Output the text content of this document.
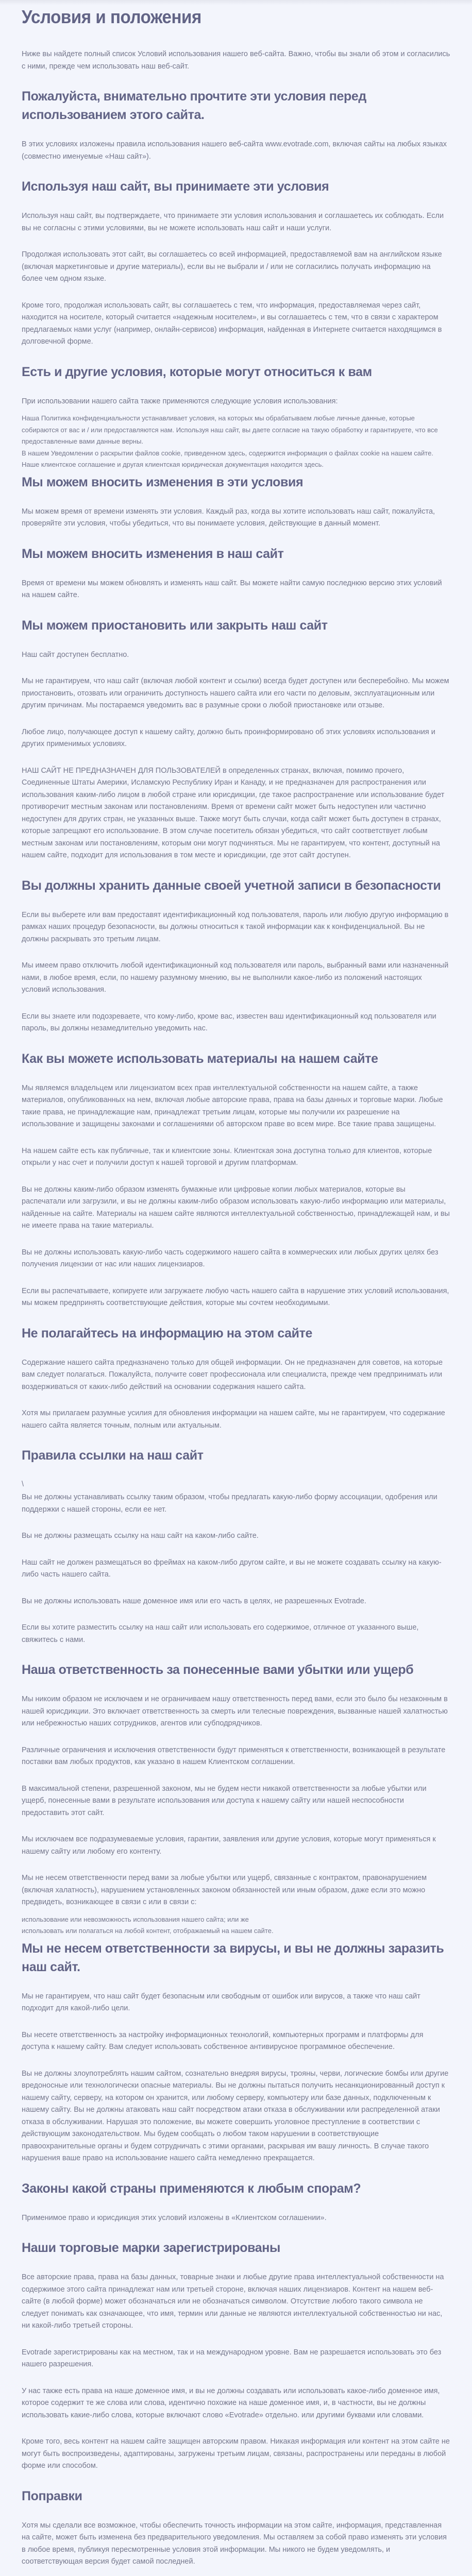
Условия и положения

Ниже вы найдете полный список Условий использования нашего веб-сайта. Важно, чтобы вы знали об этом и согласились с ними, прежде чем использовать наш веб-сайт.

Пожалуйста, внимательно прочтите эти условия перед использованием этого сайта.

В этих условиях изложены правила использования нашего веб-сайта www.evotrade.com, включая сайты на любых языках (совместно именуемые «Наш сайт»).

Используя наш сайт, вы принимаете эти условия

Используя наш сайт, вы подтверждаете, что принимаете эти условия использования и соглашаетесь их соблюдать. Если вы не согласны с этими условиями, вы не можете использовать наш сайт и наши услуги.

Продолжая использовать этот сайт, вы соглашаетесь со всей информацией, предоставляемой вам на английском языке (включая маркетинговые и другие материалы), если вы не выбрали и / или не согласились получать информацию на более чем одном языке.

Кроме того, продолжая использовать сайт, вы соглашаетесь с тем, что информация, предоставляемая через сайт, находится на носителе, который считается «надежным носителем», и вы соглашаетесь с тем, что в связи с характером предлагаемых нами услуг (например, онлайн-сервисов) информация, найденная в Интернете считается находящимся в долговечной форме.

Есть и другие условия, которые могут относиться к вам

При использовании нашего сайта также применяются следующие условия использования:

Наша Политика конфиденциальности устанавливает условия, на которых мы обрабатываем любые личные данные, которые собираются от вас и / или предоставляются нам. Используя наш сайт, вы даете согласие на такую обработку и гарантируете, что все предоставленные вами данные верны.

В нашем Уведомлении о раскрытии файлов cookie, приведенном здесь, содержится информация о файлах cookie на нашем сайте.

Наше клиентское соглашение и другая клиентская юридическая документация находится здесь.

Мы можем вносить изменения в эти условия

Мы можем время от времени изменять эти условия. Каждый раз, когда вы хотите использовать наш сайт, пожалуйста, проверяйте эти условия, чтобы убедиться, что вы понимаете условия, действующие в данный момент.

Мы можем вносить изменения в наш сайт

Время от времени мы можем обновлять и изменять наш сайт. Вы можете найти самую последнюю версию этих условий на нашем сайте.

Мы можем приостановить или закрыть наш сайт

Наш сайт доступен бесплатно.

Мы не гарантируем, что наш сайт (включая любой контент и ссылки) всегда будет доступен или бесперебойно. Мы можем приостановить, отозвать или ограничить доступность нашего сайта или его части по деловым, эксплуатационным или другим причинам. Мы постараемся уведомить вас в разумные сроки о любой приостановке или отзыве.

Любое лицо, получающее доступ к нашему сайту, должно быть проинформировано об этих условиях использования и других применимых условиях.

НАШ САЙТ НЕ ПРЕДНАЗНАЧЕН ДЛЯ ПОЛЬЗОВАТЕЛЕЙ в определенных странах, включая, помимо прочего, Соединенные Штаты Америки, Исламскую Республику Иран и Канаду, и не предназначен для распространения или использования каким-либо лицом в любой стране или юрисдикции, где такое распространение или использование будет противоречит местным законам или постановлениям. Время от времени сайт может быть недоступен или частично недоступен для других стран, не указанных выше. Также могут быть случаи, когда сайт может быть доступен в странах, которые запрещают его использование. В этом случае посетитель обязан убедиться, что сайт соответствует любым местным законам или постановлениям, которым они могут подчиняться. Мы не гарантируем, что контент, доступный на нашем сайте, подходит для использования в том месте и юрисдикции, где этот сайт доступен.

Вы должны хранить данные своей учетной записи в безопасности

Если вы выберете или вам предоставят идентификационный код пользователя, пароль или любую другую информацию в рамках наших процедур безопасности, вы должны относиться к такой информации как к конфиденциальной. Вы не должны раскрывать это третьим лицам.

Мы имеем право отключить любой идентификационный код пользователя или пароль, выбранный вами или назначенный нами, в любое время, если, по нашему разумному мнению, вы не выполнили какое-либо из положений настоящих условий использования.

Если вы знаете или подозреваете, что кому-либо, кроме вас, известен ваш идентификационный код пользователя или пароль, вы должны незамедлительно уведомить нас.

Как вы можете использовать материалы на нашем сайте

Мы являемся владельцем или лицензиатом всех прав интеллектуальной собственности на нашем сайте, а также материалов, опубликованных на нем, включая любые авторские права, права на базы данных и торговые марки. Любые такие права, не принадлежащие нам, принадлежат третьим лицам, которые мы получили их разрешение на использование и защищены законами и соглашениями об авторском праве во всем мире. Все такие права защищены.

На нашем сайте есть как публичные, так и клиентские зоны. Клиентская зона доступна только для клиентов, которые открыли у нас счет и получили доступ к нашей торговой и другим платформам.

Вы не должны каким-либо образом изменять бумажные или цифровые копии любых материалов, которые вы распечатали или загрузили, и вы не должны каким-либо образом использовать какую-либо информацию или материалы, найденные на сайте. Материалы на нашем сайте являются интеллектуальной собственностью, принадлежащей нам, и вы не имеете права на такие материалы.

Вы не должны использовать какую-либо часть содержимого нашего сайта в коммерческих или любых других целях без получения лицензии от нас или наших лицензиаров.

Если вы распечатываете, копируете или загружаете любую часть нашего сайта в нарушение этих условий использования, мы можем предпринять соответствующие действия, которые мы сочтем необходимыми.

Не полагайтесь на информацию на этом сайте

Содержание нашего сайта предназначено только для общей информации. Он не предназначен для советов, на которые вам следует полагаться. Пожалуйста, получите совет профессионала или специалиста, прежде чем предпринимать или воздерживаться от каких-либо действий на основании содержания нашего сайта.

Хотя мы прилагаем разумные усилия для обновления информации на нашем сайте, мы не гарантируем, что содержание нашего сайта является точным, полным или актуальным.

Правила ссылки на наш сайт

\

Вы не должны устанавливать ссылку таким образом, чтобы предлагать какую-либо форму ассоциации, одобрения или поддержки с нашей стороны, если ее нет.

Вы не должны размещать ссылку на наш сайт на каком-либо сайте.

Наш сайт не должен размещаться во фреймах на каком-либо другом сайте, и вы не можете создавать ссылку на какую-либо часть нашего сайта.

Вы не должны использовать наше доменное имя или его часть в целях, не разрешенных Evotrade.

Если вы хотите разместить ссылку на наш сайт или использовать его содержимое, отличное от указанного выше, свяжитесь с нами.

Наша ответственность за понесенные вами убытки или ущерб

Мы никоим образом не исключаем и не ограничиваем нашу ответственность перед вами, если это было бы незаконным в нашей юрисдикции. Это включает ответственность за смерть или телесные повреждения, вызванные нашей халатностью или небрежностью наших сотрудников, агентов или субподрядчиков.

Различные ограничения и исключения ответственности будут применяться к ответственности, возникающей в результате поставки вам любых продуктов, как указано в нашем Клиентском соглашении.

В максимальной степени, разрешенной законом, мы не будем нести никакой ответственности за любые убытки или ущерб, понесенные вами в результате использования или доступа к нашему сайту или нашей неспособности предоставить этот сайт.

Мы исключаем все подразумеваемые условия, гарантии, заявления или другие условия, которые могут применяться к нашему сайту или любому его контенту.

Мы не несем ответственности перед вами за любые убытки или ущерб, связанные с контрактом, правонарушением (включая халатность), нарушением установленных законом обязанностей или иным образом, даже если это можно предвидеть, возникающее в связи с или в связи с:

использование или невозможность использования нашего сайта; или же

использовать или полагаться на любой контент, отображаемый на нашем сайте.

Мы не несем ответственности за вирусы, и вы не должны заразить наш сайт.

Мы не гарантируем, что наш сайт будет безопасным или свободным от ошибок или вирусов, а также что наш сайт подходит для какой-либо цели.

Вы несете ответственность за настройку информационных технологий, компьютерных программ и платформы для доступа к нашему сайту. Вам следует использовать собственное антивирусное программное обеспечение.

Вы не должны злоупотреблять нашим сайтом, сознательно внедряя вирусы, трояны, черви, логические бомбы или другие вредоносные или технологически опасные материалы. Вы не должны пытаться получить несанкционированный доступ к нашему сайту, серверу, на котором он хранится, или любому серверу, компьютеру или базе данных, подключенным к нашему сайту. Вы не должны атаковать наш сайт посредством атаки отказа в обслуживании или распределенной атаки отказа в обслуживании. Нарушая это положение, вы можете совершить уголовное преступление в соответствии с действующим законодательством. Мы будем сообщать о любом таком нарушении в соответствующие правоохранительные органы и будем сотрудничать с этими органами, раскрывая им вашу личность. В случае такого нарушения ваше право на использование нашего сайта немедленно прекращается.

Законы какой страны применяются к любым спорам?

Применимое право и юрисдикция этих условий изложены в «Клиентском соглашении».

Наши торговые марки зарегистрированы

Все авторские права, права на базы данных, товарные знаки и любые другие права интеллектуальной собственности на содержимое этого сайта принадлежат нам или третьей стороне, включая наших лицензиаров. Контент на нашем веб-сайте (в любой форме) может обозначаться или не обозначаться символом. Отсутствие любого такого символа не следует понимать как означающее, что имя, термин или данные не являются интеллектуальной собственностью ни нас, ни какой-либо третьей стороны.

Evotrade зарегистрированы как на местном, так и на международном уровне. Вам не разрешается использовать это без нашего разрешения.

У нас также есть права на наше доменное имя, и вы не должны создавать или использовать какое-либо доменное имя, которое содержит те же слова или слова, идентично похожие на наше доменное имя, и, в частности, вы не должны использовать какие-либо слова, которые включают слово «Evotrade» отдельно. или другими буквами или словами.

Кроме того, весь контент на нашем сайте защищен авторским правом. Никакая информация или контент на этом сайте не могут быть воспроизведены, адаптированы, загружены третьим лицам, связаны, распространены или переданы в любой форме или способом.

Поправки

Хотя мы сделали все возможное, чтобы обеспечить точность информации на этом сайте, информация, представленная на сайте, может быть изменена без предварительного уведомления. Мы оставляем за собой право изменять эти условия в любое время, публикуя пересмотренные условия этой информации. Мы никого не будем уведомлять, и соответствующая версия будет самой последней.
